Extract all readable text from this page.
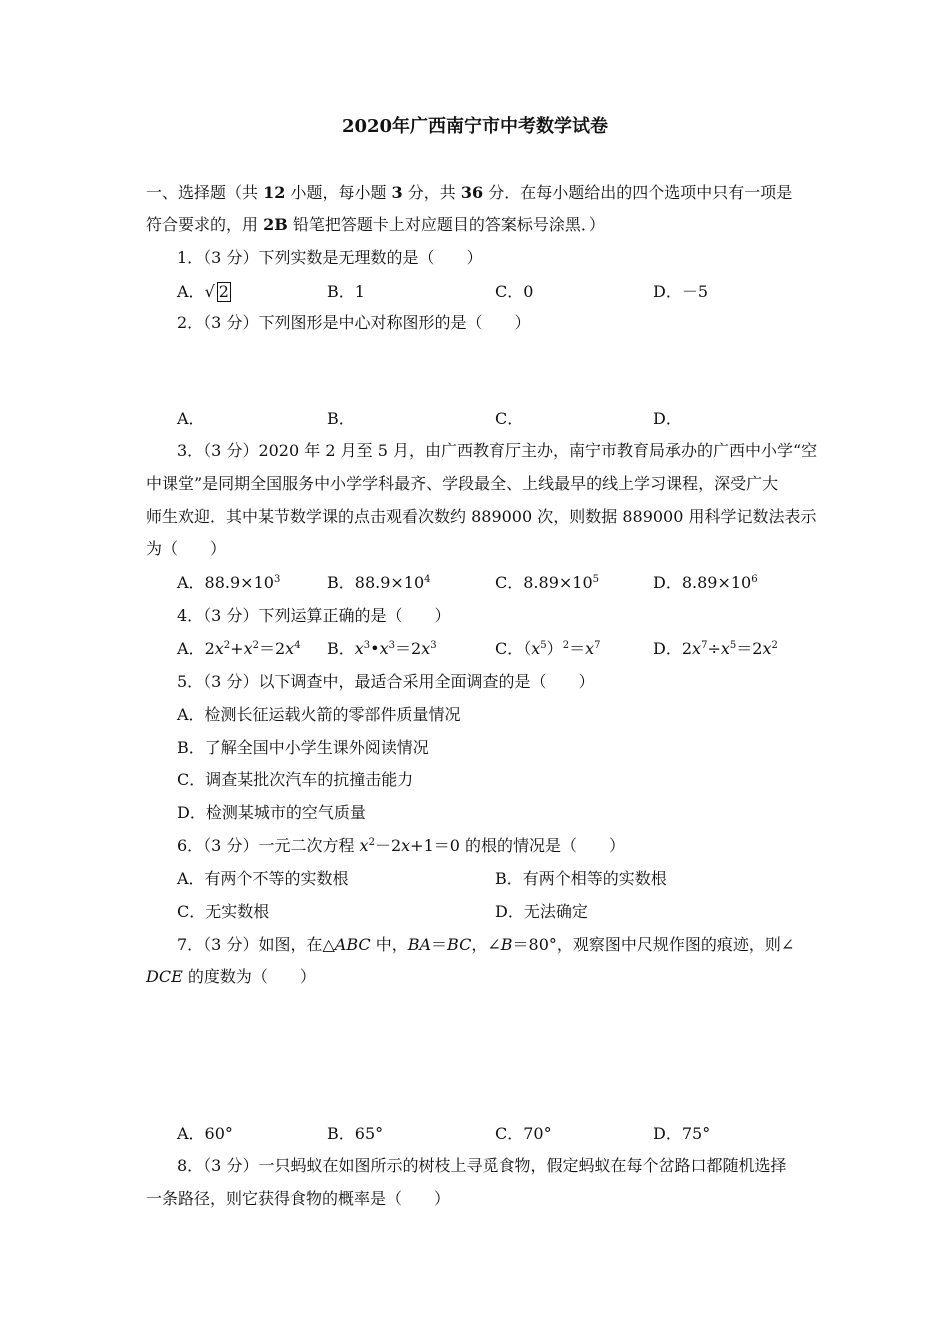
2020年广西南宁市中考数学试卷
一、选择题（共 12 小题，每小题 3 分，共 36 分．在每小题给出的四个选项中只有一项是
符合要求的，用 2B 铅笔把答题卡上对应题目的答案标号涂黑．）
1．（3 分）下列实数是无理数的是（　　）
A．√ 2	B．1	C．0	D．－5
2．（3 分）下列图形是中心对称图形的是（　　）
A．	B．	C．	D．
3．（3 分）2020 年 2 月至 5 月，由广西教育厅主办，南宁市教育局承办的广西中小学“空
中课堂”是同期全国服务中小学学科最齐、学段最全、上线最早的线上学习课程，深受广大
师生欢迎．其中某节数学课的点击观看次数约 889000 次，则数据 889000 用科学记数法表示
为（　　）
A．$88.9\times 10^3$	B．$88.9\times 10^4$	C．$8.89\times 10^5$	D．$8.89\times 10^6$
4．（3 分）下列运算正确的是（　　）
A．$2x^2+x^2=2x^4$ B．$x^3•x^3=2x^3$	C．$(x^5)^2=x^7$	D．$2x^7\div x^5=2x^2$
5．（3 分）以下调查中，最适合采用全面调查的是（　　）
A．检测长征运载火箭的零部件质量情况
B．了解全国中小学生课外阅读情况
C．调查某批次汽车的抗撞击能力
D．检测某城市的空气质量
6．（3 分）一元二次方程 $x^2-2x+1=0$ 的根的情况是（　　）
A．有两个不等的实数根	B．有两个相等的实数根
C．无实数根	D．无法确定
7．（3 分）如图，在△ABC 中，BA＝BC，∠B＝80°，观察图中尺规作图的痕迹，则∠
DCE 的度数为（　　）
A．60°	B．65°	C．70°	D．75°
8．（3 分）一只蚂蚁在如图所示的树枝上寻觅食物，假定蚂蚁在每个岔路口都随机选择
一条路径，则它获得食物的概率是（　　）
